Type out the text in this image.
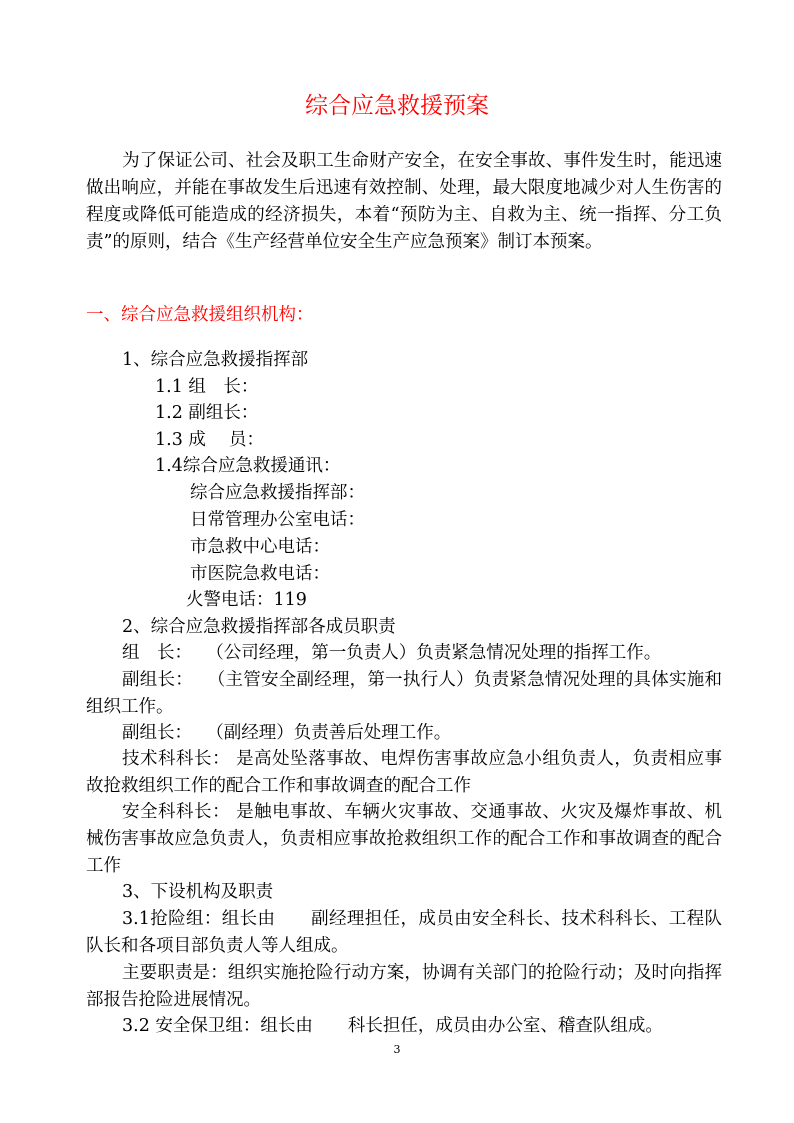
综合应急救援预案
为了保证公司、社会及职工生命财产安全，在安全事故、事件发生时，能迅速做出响应，并能在事故发生后迅速有效控制、处理，最大限度地减少对人生伤害的程度或降低可能造成的经济损失，本着“预防为主、自救为主、统一指挥、分工负责”的原则，结合《生产经营单位安全生产应急预案》制订本预案。
一、综合应急救援组织机构：
1、综合应急救援指挥部
1.1 组　长：
1.2 副组长：
1.3 成　 员：
1.4综合应急救援通讯：
综合应急救援指挥部：
日常管理办公室电话：
市急救中心电话：
市医院急救电话：
火警电话：119
2、综合应急救援指挥部各成员职责
组　长：　 （公司经理，第一负责人）负责紧急情况处理的指挥工作。
副组长：　 （主管安全副经理，第一执行人）负责紧急情况处理的具体实施和组织工作。
副组长：　 （副经理）负责善后处理工作。
技术科科长： 是高处坠落事故、电焊伤害事故应急小组负责人，负责相应事故抢救组织工作的配合工作和事故调查的配合工作
安全科科长： 是触电事故、车辆火灾事故、交通事故、火灾及爆炸事故、机械伤害事故应急负责人，负责相应事故抢救组织工作的配合工作和事故调查的配合工作
3、下设机构及职责
3.1抢险组：组长由　　副经理担任，成员由安全科长、技术科科长、工程队队长和各项目部负责人等人组成。
主要职责是：组织实施抢险行动方案，协调有关部门的抢险行动；及时向指挥部报告抢险进展情况。
3.2 安全保卫组：组长由　　科长担任，成员由办公室、稽查队组成。
3
